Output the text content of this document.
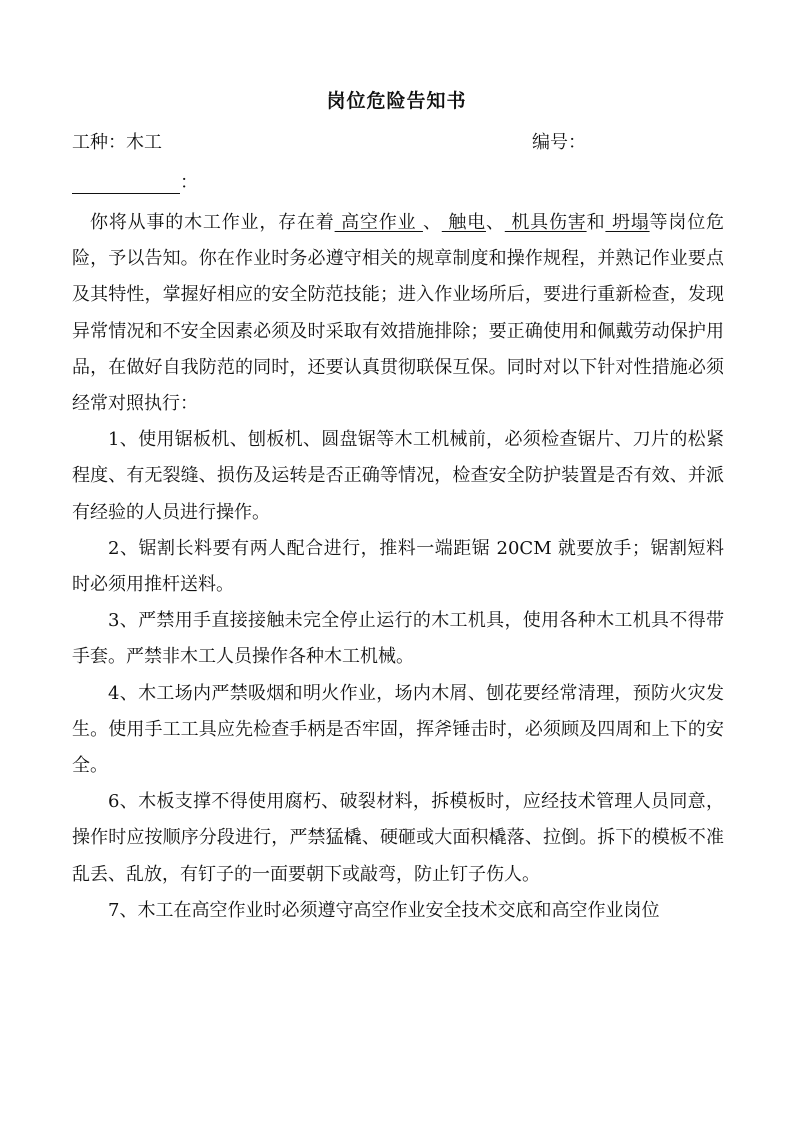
岗位危险告知书
工种：木工	编号：
：

你将从事的木工作业，存在着 高空作业 、 触电、 机具伤害和 坍塌等岗位危险，予以告知。你在作业时务必遵守相关的规章制度和操作规程，并熟记作业要点及其特性，掌握好相应的安全防范技能；进入作业场所后，要进行重新检查，发现异常情况和不安全因素必须及时采取有效措施排除；要正确使用和佩戴劳动保护用品，在做好自我防范的同时，还要认真贯彻联保互保。同时对以下针对性措施必须经常对照执行：

1、使用锯板机、刨板机、圆盘锯等木工机械前，必须检查锯片、刀片的松紧程度、有无裂缝、损伤及运转是否正确等情况，检查安全防护装置是否有效、并派有经验的人员进行操作。

2、锯割长料要有两人配合进行，推料一端距锯 20CM 就要放手；锯割短料时必须用推杆送料。

3、严禁用手直接接触未完全停止运行的木工机具，使用各种木工机具不得带手套。严禁非木工人员操作各种木工机械。

4、木工场内严禁吸烟和明火作业，场内木屑、刨花要经常清理，预防火灾发生。使用手工工具应先检查手柄是否牢固，挥斧锤击时，必须顾及四周和上下的安全。

6、木板支撑不得使用腐朽、破裂材料，拆模板时，应经技术管理人员同意，操作时应按顺序分段进行，严禁猛橇、硬砸或大面积橇落、拉倒。拆下的模板不准乱丢、乱放，有钉子的一面要朝下或敲弯，防止钉子伤人。

7、木工在高空作业时必须遵守高空作业安全技术交底和高空作业岗位
